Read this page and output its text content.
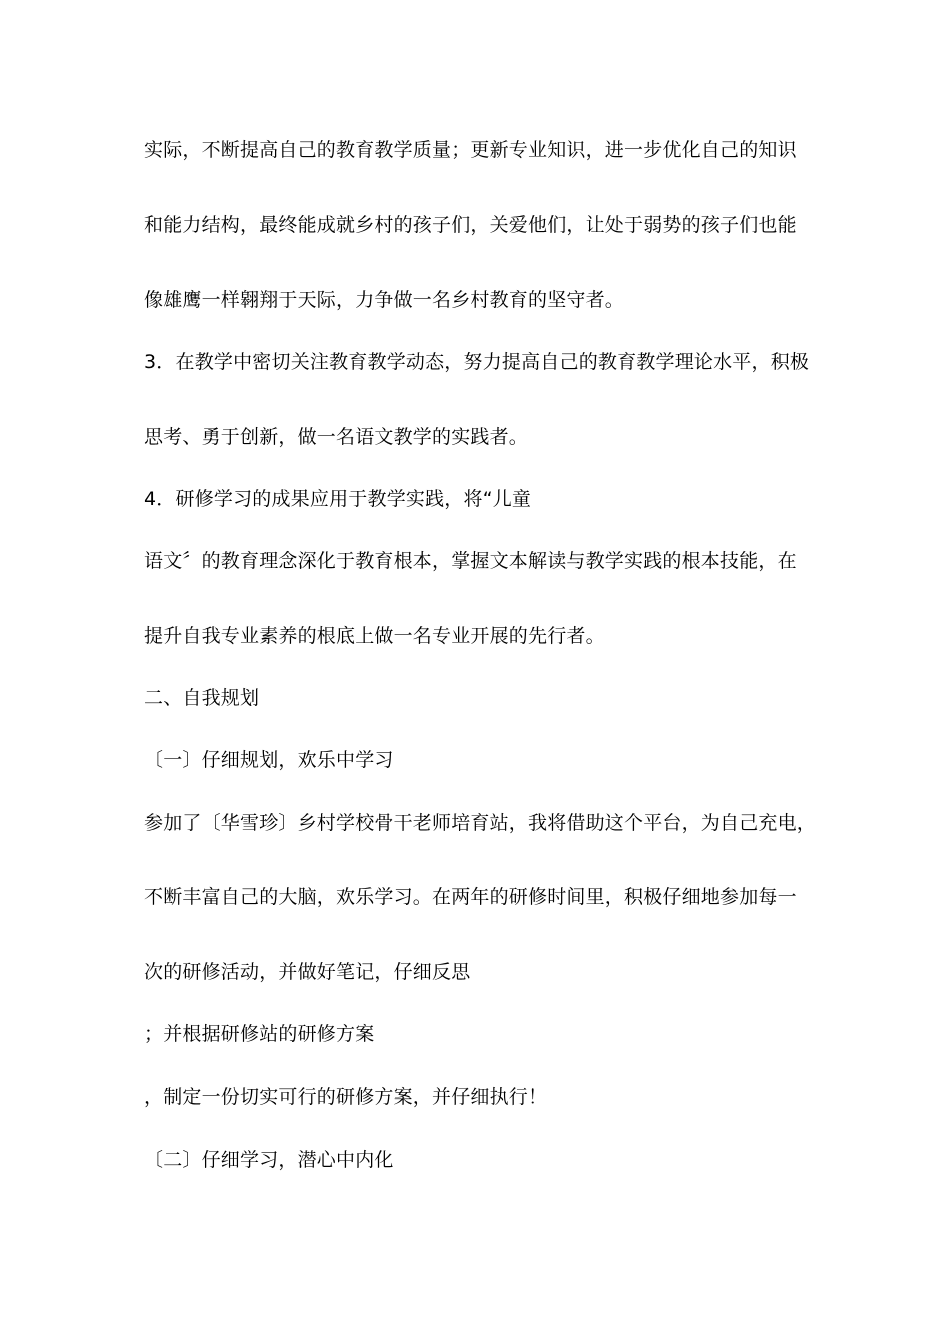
实际，不断提高自己的教育教学质量；更新专业知识，进一步优化自己的知识
和能力结构，最终能成就乡村的孩子们，关爱他们，让处于弱势的孩子们也能
像雄鹰一样翱翔于天际，力争做一名乡村教育的坚守者。
3．在教学中密切关注教育教学动态，努力提高自己的教育教学理论水平，积极
思考、勇于创新，做一名语文教学的实践者。
4．研修学习的成果应用于教学实践，将“儿童
语文〞的教育理念深化于教育根本，掌握文本解读与教学实践的根本技能，在
提升自我专业素养的根底上做一名专业开展的先行者。
二、自我规划
〔一〕仔细规划，欢乐中学习
参加了〔华雪珍〕乡村学校骨干老师培育站，我将借助这个平台，为自己充电，
不断丰富自己的大脑，欢乐学习。在两年的研修时间里，积极仔细地参加每一
次的研修活动，并做好笔记，仔细反思
；并根据研修站的研修方案
，制定一份切实可行的研修方案，并仔细执行！
〔二〕仔细学习，潜心中内化
